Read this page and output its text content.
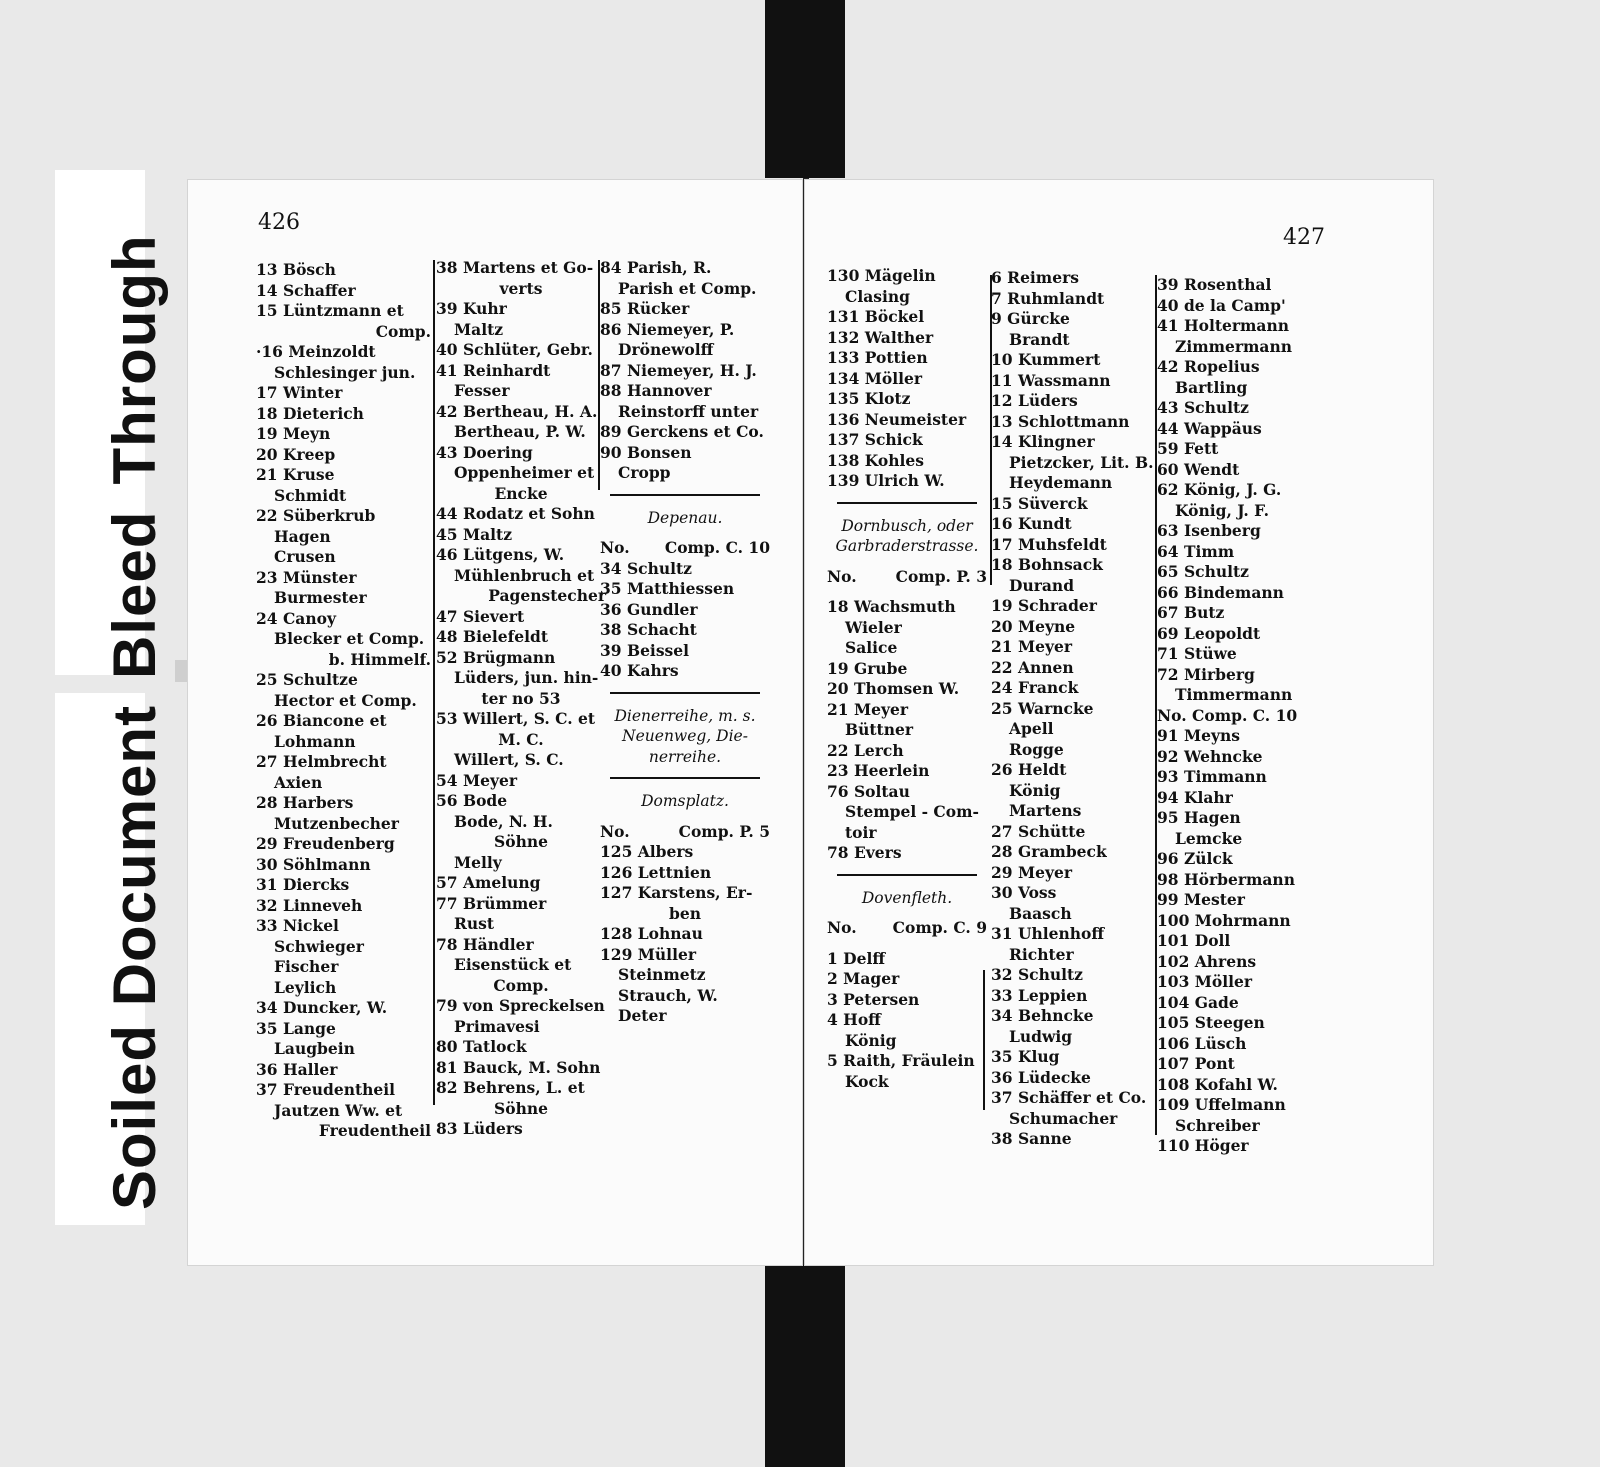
Soiled DocumentBleedThrough
426
13 Bösch
14 Schaffer
15 Lüntzmann et
Comp.
·16 Meinzoldt
Schlesinger jun.
17 Winter
18 Dieterich
19 Meyn
20 Kreep
21 Kruse
Schmidt
22 Süberkrub
Hagen
Crusen
23 Münster
Burmester
24 Canoy
Blecker et Comp.
b. Himmelf.
25 Schultze
Hector et Comp.
26 Biancone et
Lohmann
27 Helmbrecht
Axien
28 Harbers
Mutzenbecher
29 Freudenberg
30 Söhlmann
31 Diercks
32 Linneveh
33 Nickel
Schwieger
Fischer
Leylich
34 Duncker, W.
35 Lange
Laugbein
36 Haller
37 Freudentheil
Jautzen Ww. et
Freudentheil
38 Martens et Go-
verts
39 Kuhr
Maltz
40 Schlüter, Gebr.
41 Reinhardt
Fesser
42 Bertheau, H. A.
Bertheau, P. W.
43 Doering
Oppenheimer et
Encke
44 Rodatz et Sohn
45 Maltz
46 Lütgens, W.
Mühlenbruch et
Pagenstecher
47 Sievert
48 Bielefeldt
52 Brügmann
Lüders, jun. hin-
ter no 53
53 Willert, S. C. et
M. C.
Willert, S. C.
54 Meyer
56 Bode
Bode, N. H.
Söhne
Melly
57 Amelung
77 Brümmer
Rust
78 Händler
Eisenstück et
Comp.
79 von Spreckelsen
Primavesi
80 Tatlock
81 Bauck, M. Sohn
82 Behrens, L. et
Söhne
83 Lüders
84 Parish, R.
Parish et Comp.
85 Rücker
86 Niemeyer, P.
Drönewolff
87 Niemeyer, H. J.
88 Hannover
Reinstorff unter
89 Gerckens et Co.
90 Bonsen
Cropp
Depenau.
No. Comp. C. 10
34 Schultz
35 Matthiessen
36 Gundler
38 Schacht
39 Beissel
40 Kahrs
Dienerreihe, m. s.
Neuenweg, Die-
nerreihe.
Domsplatz.
No.	Comp. P. 5
125 Albers
126 Lettnien
127 Karstens, Er-
ben
128 Lohnau
129 Müller
Steinmetz
Strauch, W.
Deter
427
130 Mägelin
Clasing
131 Böckel
132 Walther
133 Pottien
134 Möller
135 Klotz
136 Neumeister
137 Schick
138 Kohles
139 Ulrich W.
Dornbusch, oder
Garbraderstrasse.
No.	Comp. P. 3
18 Wachsmuth
Wieler
Salice
19 Grube
20 Thomsen W.
21 Meyer
Büttner
22 Lerch
23 Heerlein
76 Soltau
Stempel - Com-
toir
78 Evers
Dovenfleth.
No. Comp. C. 9
1 Delff
2 Mager
3 Petersen
4 Hoff
König
5 Raith, Fräulein
Kock
6 Reimers
7 Ruhmlandt
9 Gürcke
Brandt
10 Kummert
11 Wassmann
12 Lüders
13 Schlottmann
14 Klingner
Pietzcker, Lit. B.
Heydemann
15 Süverck
16 Kundt
17 Muhsfeldt
18 Bohnsack
Durand
19 Schrader
20 Meyne
21 Meyer
22 Annen
24 Franck
25 Warncke
Apell
Rogge
26 Heldt
König
Martens
27 Schütte
28 Grambeck
29 Meyer
30 Voss
Baasch
31 Uhlenhoff
Richter
32 Schultz
33 Leppien
34 Behncke
Ludwig
35 Klug
36 Lüdecke
37 Schäffer et Co.
Schumacher
38 Sanne
39 Rosenthal
40 de la Camp'
41 Holtermann
Zimmermann
42 Ropelius
Bartling
43 Schultz
44 Wappäus
59 Fett
60 Wendt
62 König, J. G.
König, J. F.
63 Isenberg
64 Timm
65 Schultz
66 Bindemann
67 Butz
69 Leopoldt
71 Stüwe
72 Mirberg
Timmermann
No. Comp. C. 10
91 Meyns
92 Wehncke
93 Timmann
94 Klahr
95 Hagen
Lemcke
96 Zülck
98 Hörbermann
99 Mester
100 Mohrmann
101 Doll
102 Ahrens
103 Möller
104 Gade
105 Steegen
106 Lüsch
107 Pont
108 Kofahl W.
109 Uffelmann
Schreiber
110 Höger
